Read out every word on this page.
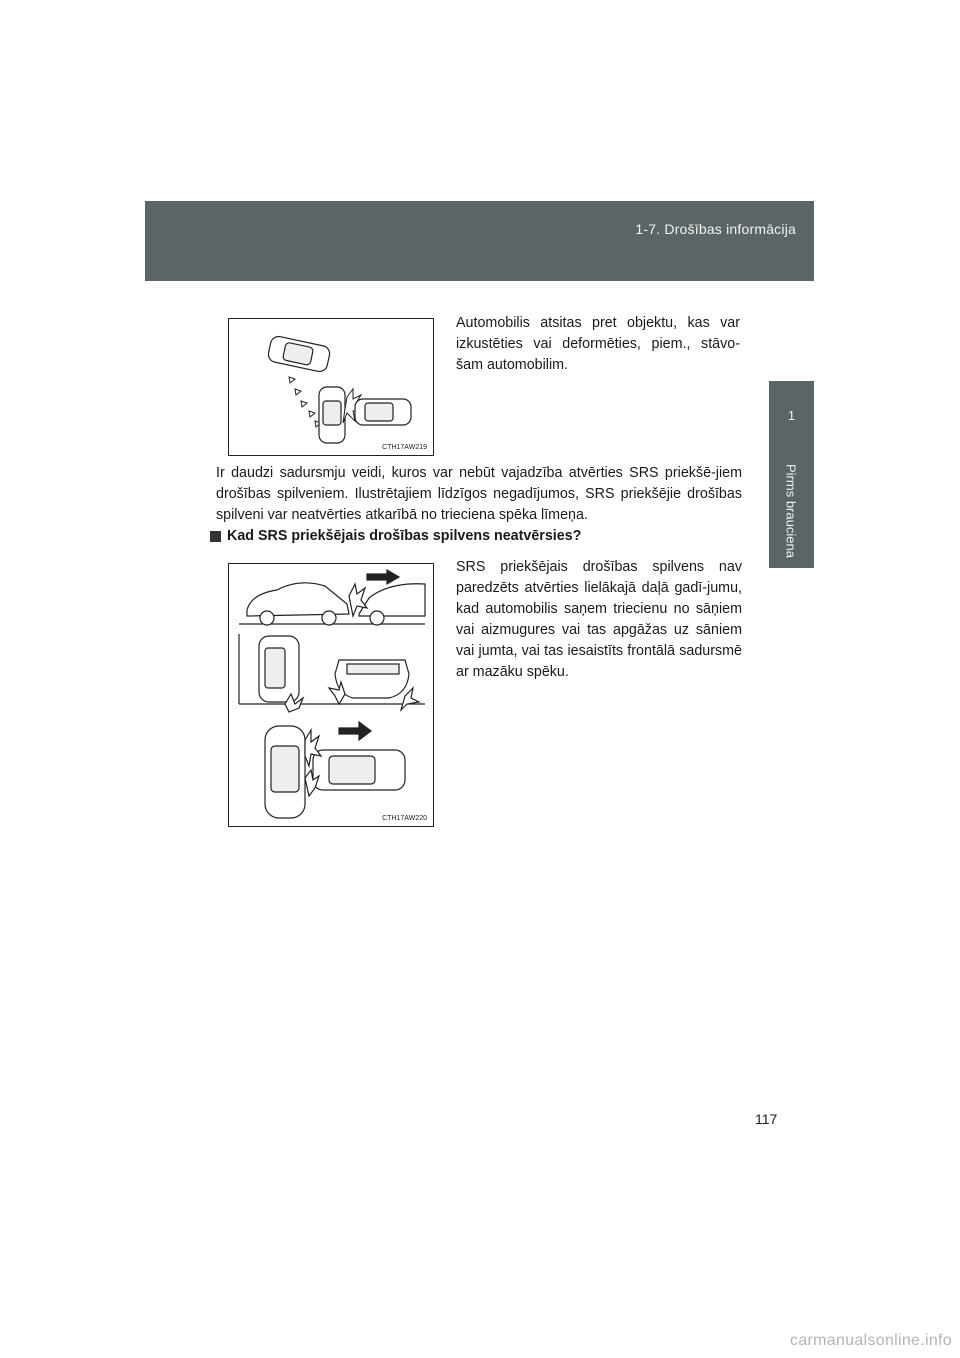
1-7. Drošības informācija
1
Pirms brauciena
CTH17AW219

Automobilis atsitas pret objektu, kas var izkustēties vai deformēties, piem., stāvo-šam automobilim.

Ir daudzi sadursmju veidi, kuros var nebūt vajadzība atvērties SRS priekšē-jiem drošības spilveniem. Ilustrētajiem līdzīgos negadījumos, SRS priekšējie drošības spilveni var neatvērties atkarībā no trieciena spēka līmeņa.

Kad SRS priekšējais drošības spilvens neatvērsies?
CTH17AW220

SRS priekšējais drošības spilvens nav paredzēts atvērties lielākajā daļā gadī-jumu, kad automobilis saņem triecienu no sāņiem vai aizmugures vai tas apgāžas uz sāniem vai jumta, vai tas iesaistīts frontālā sadursmē ar mazāku spēku.

117
carmanualsonline.info
